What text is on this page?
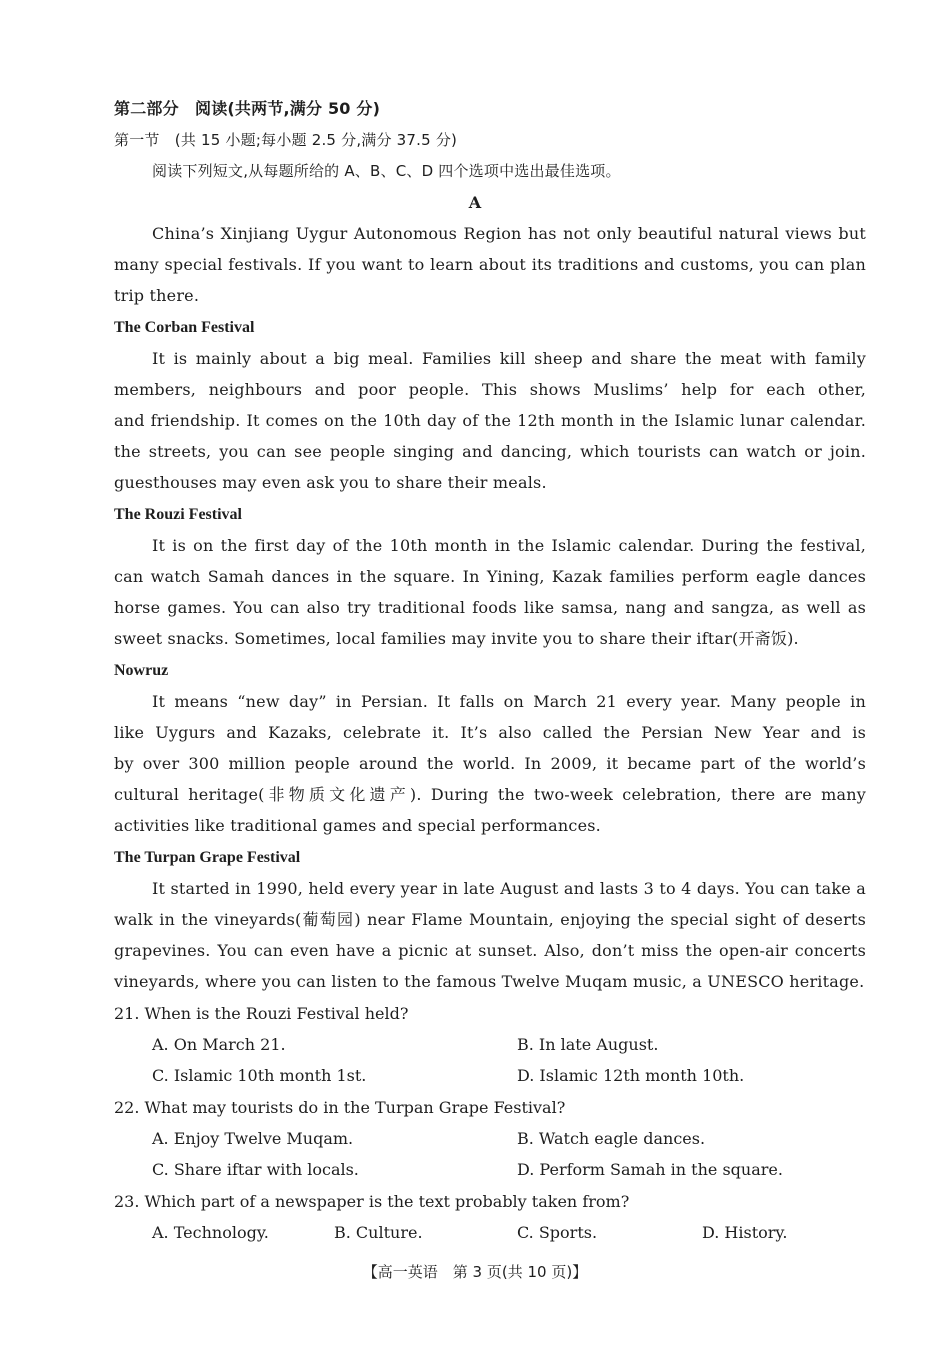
第二部分　阅读(共两节,满分 50 分)
第一节　(共 15 小题;每小题 2.5 分,满分 37.5 分)
阅读下列短文,从每题所给的 A、B、C、D 四个选项中选出最佳选项。
A
China’s Xinjiang Uygur Autonomous Region has not only beautiful natural views but
many special festivals. If you want to learn about its traditions and customs, you can plan
trip there.
The Corban Festival
It is mainly about a big meal. Families kill sheep and share the meat with family
members, neighbours and poor people. This shows Muslims’ help for each other,
and friendship. It comes on the 10th day of the 12th month in the Islamic lunar calendar.
the streets, you can see people singing and dancing, which tourists can watch or join.
guesthouses may even ask you to share their meals.
The Rouzi Festival
It is on the first day of the 10th month in the Islamic calendar. During the festival,
can watch Samah dances in the square. In Yining, Kazak families perform eagle dances
horse games. You can also try traditional foods like samsa, nang and sangza, as well as
sweet snacks. Sometimes, local families may invite you to share their iftar(开斋饭).
Nowruz
It means “new day” in Persian. It falls on March 21 every year. Many people in
like Uygurs and Kazaks, celebrate it. It’s also called the Persian New Year and is
by over 300 million people around the world. In 2009, it became part of the world’s
cultural heritage(非物质文化遗产). During the two-week celebration, there are many
activities like traditional games and special performances.
The Turpan Grape Festival
It started in 1990, held every year in late August and lasts 3 to 4 days. You can take a
walk in the vineyards(葡萄园) near Flame Mountain, enjoying the special sight of deserts
grapevines. You can even have a picnic at sunset. Also, don’t miss the open-air concerts
vineyards, where you can listen to the famous Twelve Muqam music, a UNESCO heritage.
21. When is the Rouzi Festival held?
A. On March 21.	B. In late August.
C. Islamic 10th month 1st.	D. Islamic 12th month 10th.
22. What may tourists do in the Turpan Grape Festival?
A. Enjoy Twelve Muqam.	B. Watch eagle dances.
C. Share iftar with locals.	D. Perform Samah in the square.
23. Which part of a newspaper is the text probably taken from?
A. Technology.	B. Culture.	C. Sports.	D. History.
【高一英语　第 3 页(共 10 页)】
